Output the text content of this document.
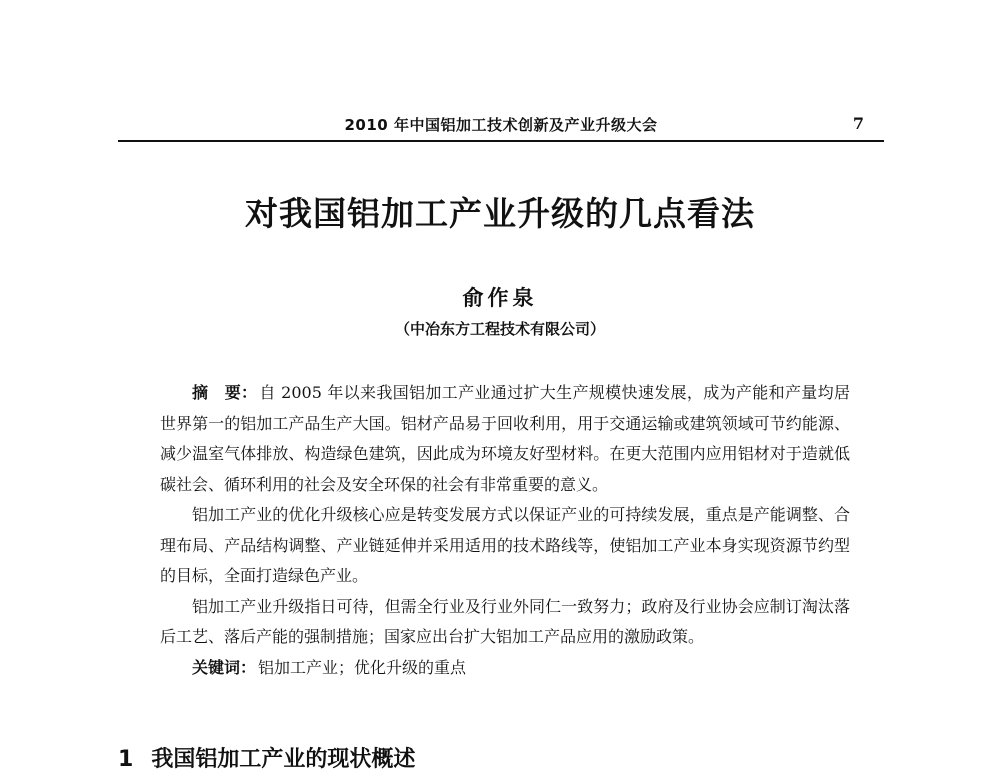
2010 年中国铝加工技术创新及产业升级大会	7
对我国铝加工产业升级的几点看法
俞作泉
（中冶东方工程技术有限公司）

摘　要： 自 2005 年以来我国铝加工产业通过扩大生产规模快速发展，成为产能和产量均居世界第一的铝加工产品生产大国。铝材产品易于回收利用，用于交通运输或建筑领域可节约能源、减少温室气体排放、构造绿色建筑，因此成为环境友好型材料。在更大范围内应用铝材对于造就低碳社会、循环利用的社会及安全环保的社会有非常重要的意义。

铝加工产业的优化升级核心应是转变发展方式以保证产业的可持续发展，重点是产能调整、合理布局、产品结构调整、产业链延伸并采用适用的技术路线等，使铝加工产业本身实现资源节约型的目标，全面打造绿色产业。

铝加工产业升级指日可待，但需全行业及行业外同仁一致努力；政府及行业协会应制订淘汰落后工艺、落后产能的强制措施；国家应出台扩大铝加工产品应用的激励政策。

关键词： 铝加工产业；优化升级的重点

1 我国铝加工产业的现状概述
